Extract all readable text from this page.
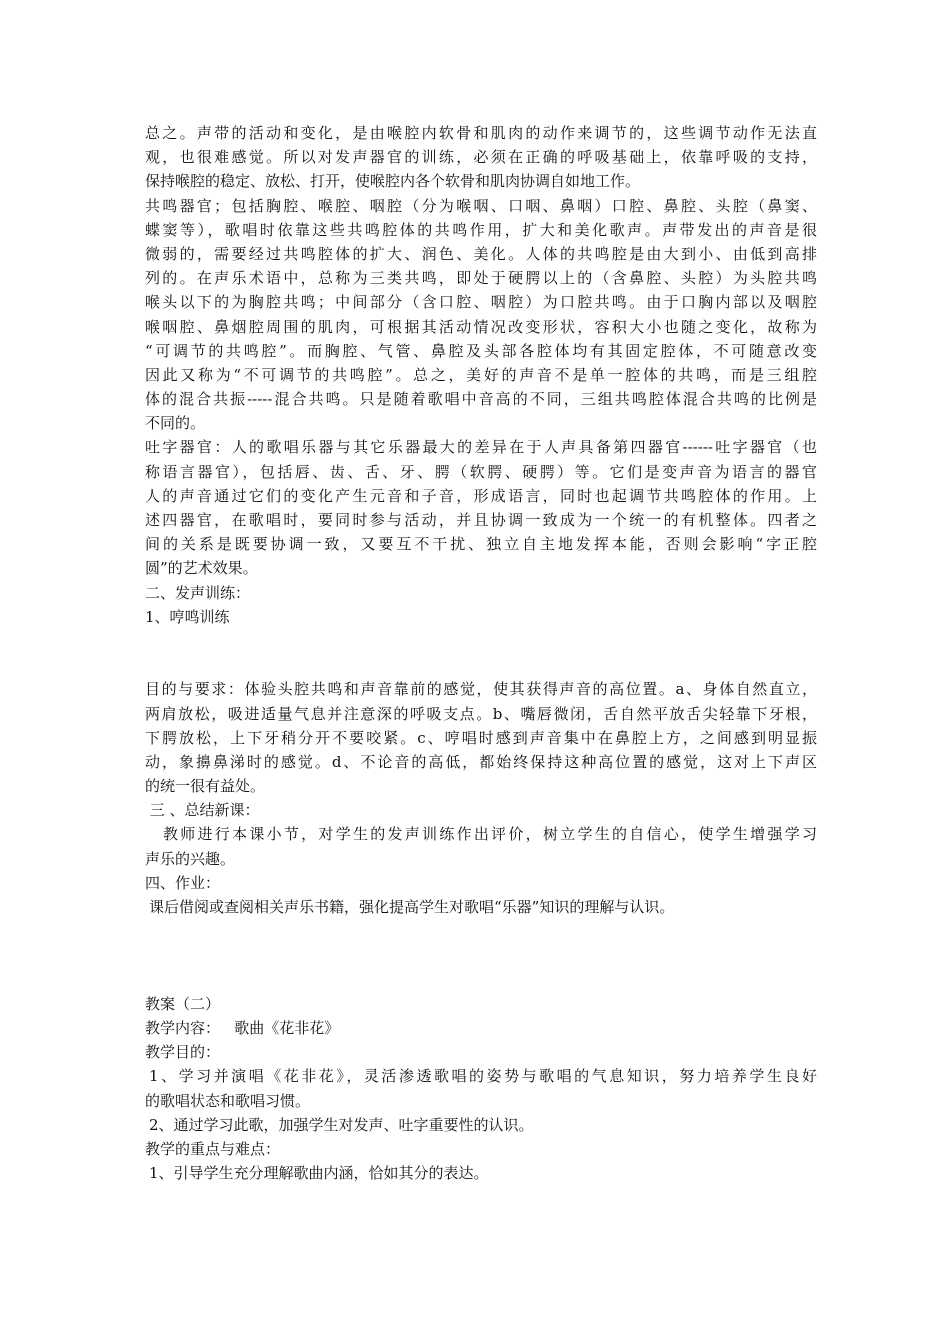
总之。声带的活动和变化，是由喉腔内软骨和肌肉的动作来调节的，这些调节动作无法直
观，也很难感觉。所以对发声器官的训练，必须在正确的呼吸基础上，依靠呼吸的支持，
保持喉腔的稳定、放松、打开，使喉腔内各个软骨和肌肉协调自如地工作。
共鸣器官；包括胸腔、喉腔、咽腔（分为喉咽、口咽、鼻咽）口腔、鼻腔、头腔（鼻窦、
蝶窦等），歌唱时依靠这些共鸣腔体的共鸣作用，扩大和美化歌声。声带发出的声音是很
微弱的，需要经过共鸣腔体的扩大、润色、美化。人体的共鸣腔是由大到小、由低到高排
列的。在声乐术语中，总称为三类共鸣，即处于硬腭以上的（含鼻腔、头腔）为头腔共鸣
喉头以下的为胸腔共鸣；中间部分（含口腔、咽腔）为口腔共鸣。由于口胸内部以及咽腔
喉咽腔、鼻烟腔周围的肌肉，可根据其活动情况改变形状，容积大小也随之变化，故称为
“可调节的共鸣腔”。而胸腔、气管、鼻腔及头部各腔体均有其固定腔体，不可随意改变
因此又称为“不可调节的共鸣腔”。总之，美好的声音不是单一腔体的共鸣，而是三组腔
体的混合共振-----混合共鸣。只是随着歌唱中音高的不同，三组共鸣腔体混合共鸣的比例是
不同的。
吐字器官：人的歌唱乐器与其它乐器最大的差异在于人声具备第四器官------吐字器官（也
称语言器官），包括唇、齿、舌、牙、腭（软腭、硬腭）等。它们是变声音为语言的器官
人的声音通过它们的变化产生元音和子音，形成语言，同时也起调节共鸣腔体的作用。上
述四器官，在歌唱时，要同时参与活动，并且协调一致成为一个统一的有机整体。四者之
间的关系是既要协调一致，又要互不干扰、独立自主地发挥本能，否则会影响“字正腔
圆”的艺术效果。
二、发声训练：
1、哼鸣训练
目的与要求：体验头腔共鸣和声音靠前的感觉，使其获得声音的高位置。a、身体自然直立，
两肩放松，吸进适量气息并注意深的呼吸支点。b、嘴唇微闭，舌自然平放舌尖轻靠下牙根，
下腭放松，上下牙稍分开不要咬紧。c、哼唱时感到声音集中在鼻腔上方，之间感到明显振
动，象擤鼻涕时的感觉。d、不论音的高低，都始终保持这种高位置的感觉，这对上下声区
的统一很有益处。
三 、总结新课：
教师进行本课小节，对学生的发声训练作出评价，树立学生的自信心，使学生增强学习
声乐的兴趣。
四、作业：
课后借阅或查阅相关声乐书籍，强化提高学生对歌唱“乐器”知识的理解与认识。
教案（二）
教学内容：   歌曲《花非花》
教学目的：
1、学习并演唱《花非花》，灵活渗透歌唱的姿势与歌唱的气息知识，努力培养学生良好
的歌唱状态和歌唱习惯。
2、通过学习此歌，加强学生对发声、吐字重要性的认识。
教学的重点与难点：
1、引导学生充分理解歌曲内涵，恰如其分的表达。
